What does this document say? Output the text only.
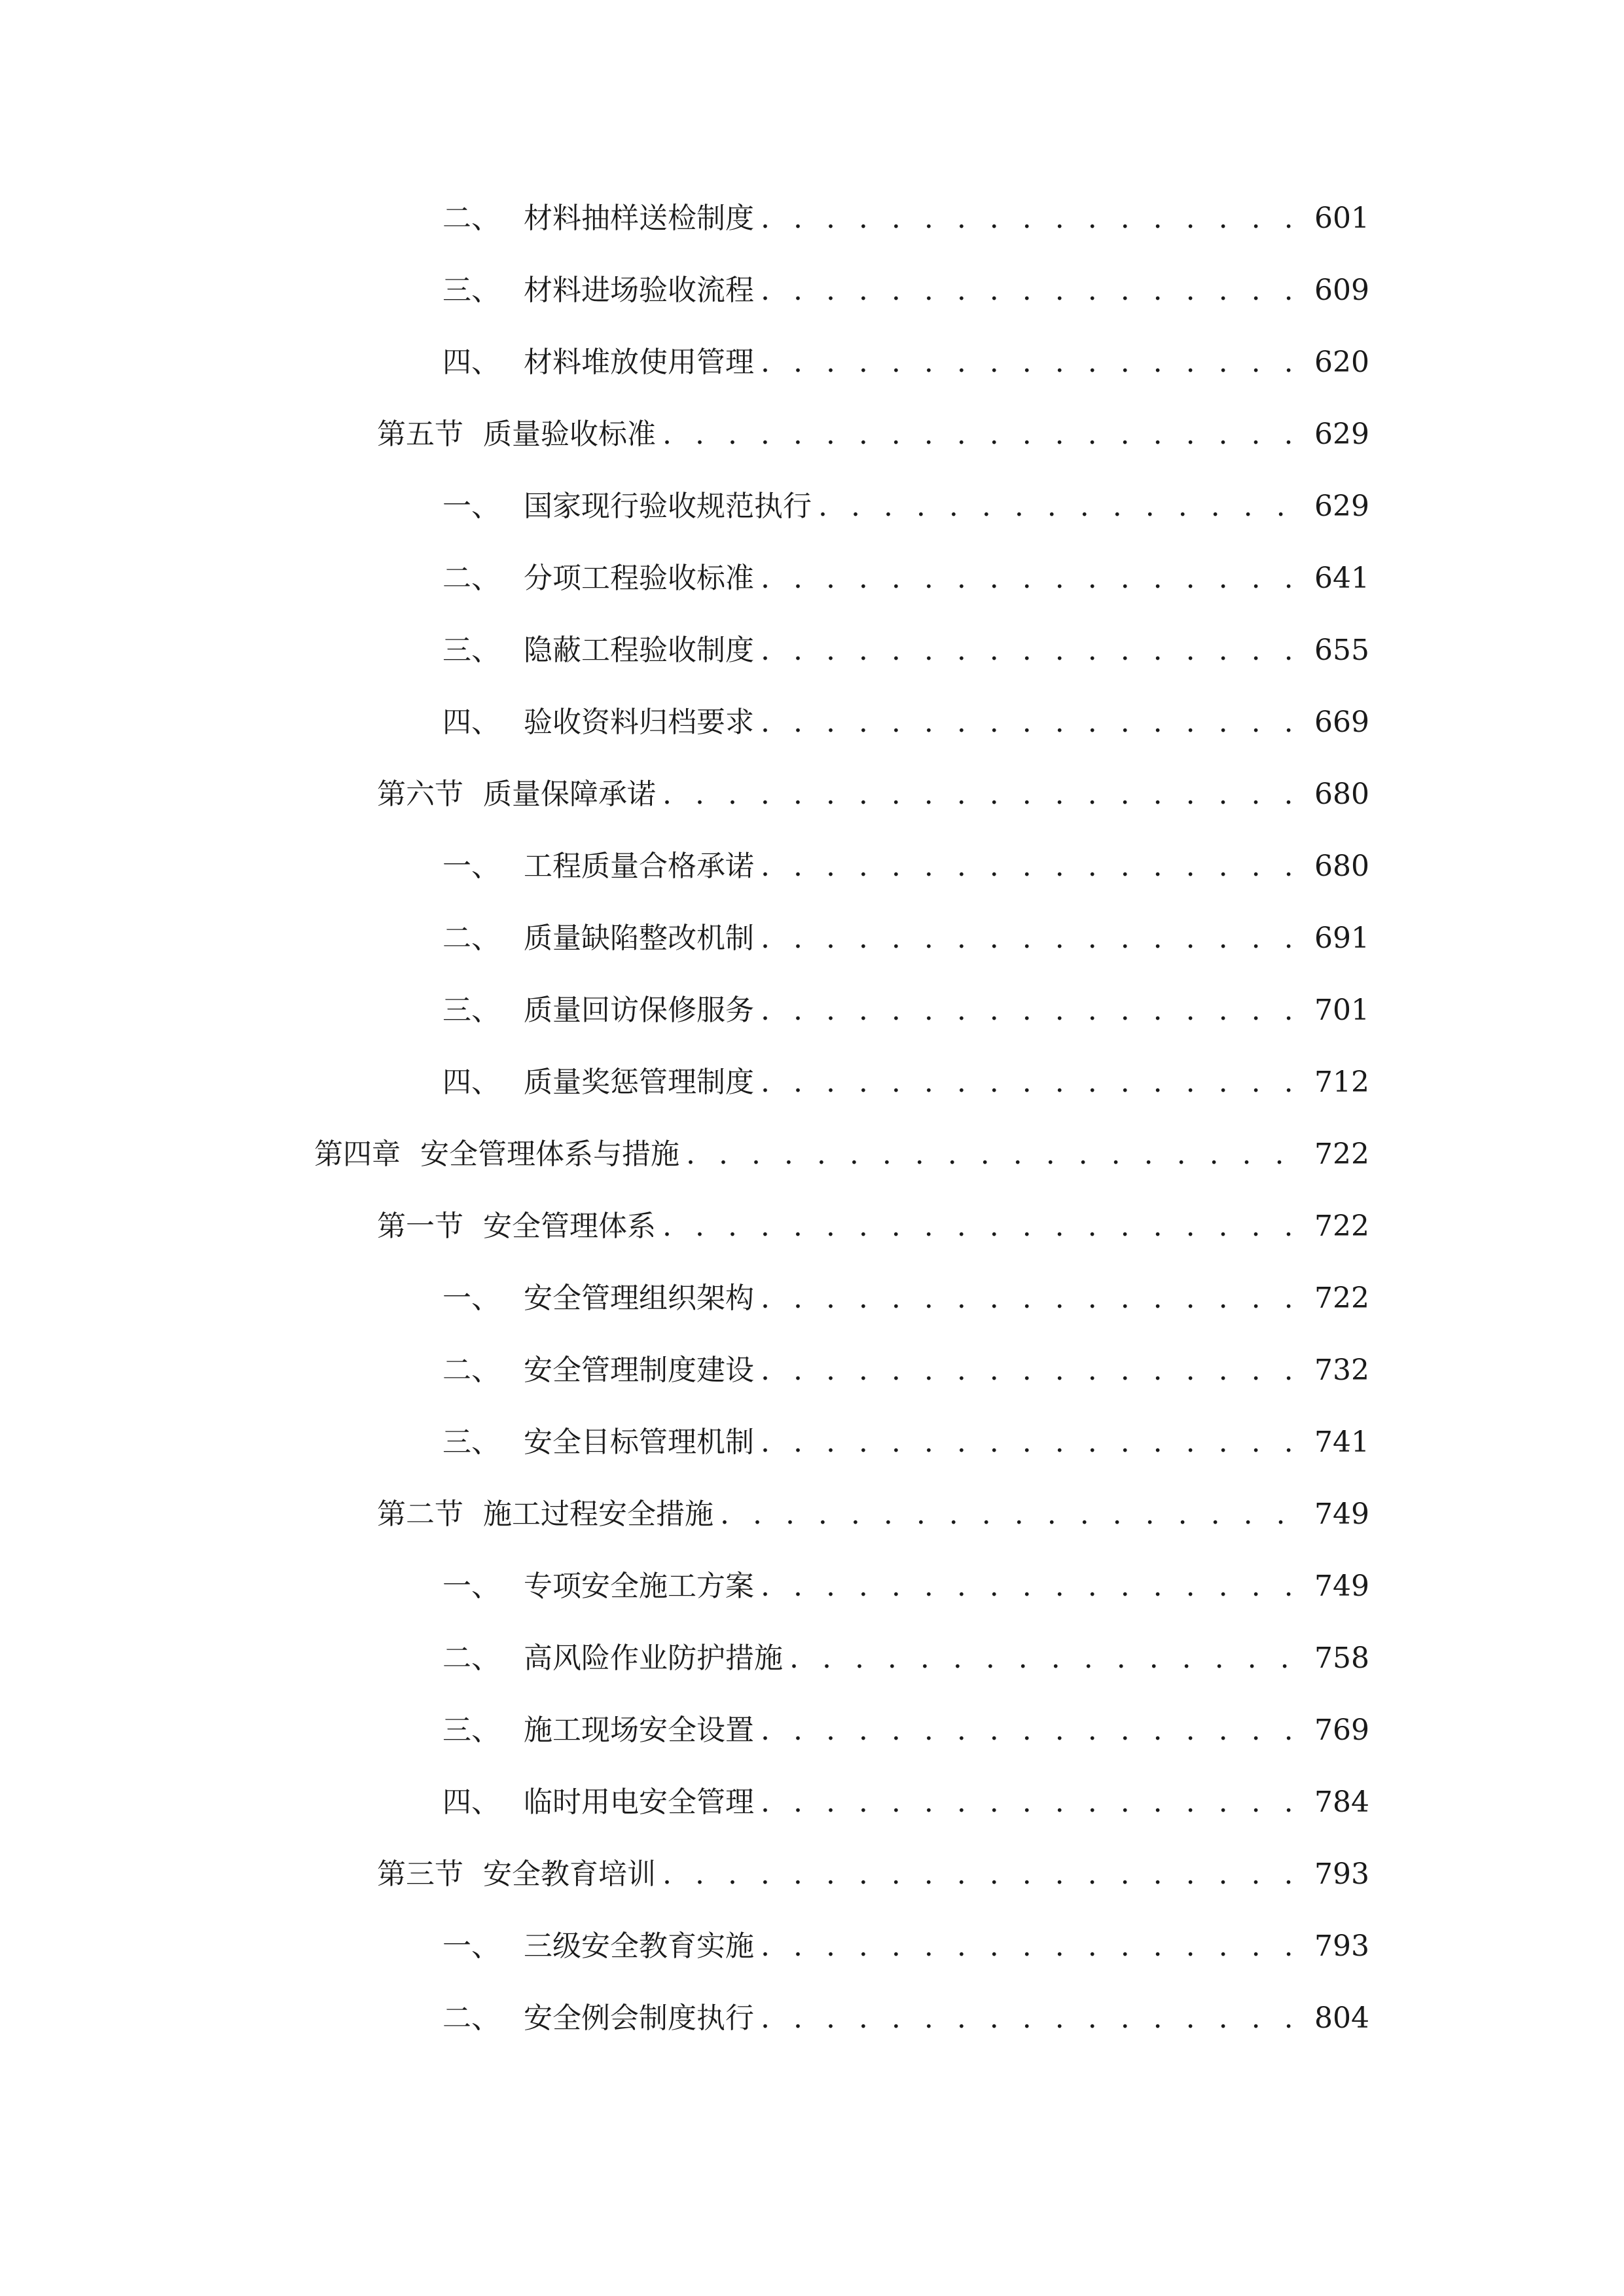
二、 材料抽样送检制度 . . .	601
三、 材料进场验收流程 . . .	609
四、 材料堆放使用管理 . . .	620
第五节 质量验收标准 . . .	629
一、 国家现行验收规范执行 . . .	629
二、 分项工程验收标准 . . .	641
三、 隐蔽工程验收制度 . . .	655
四、 验收资料归档要求 . . .	669
第六节 质量保障承诺 . . .	680
一、 工程质量合格承诺 . . .	680
二、 质量缺陷整改机制 . . .	691
三、 质量回访保修服务 . . .	701
四、 质量奖惩管理制度 . . .	712
第四章 安全管理体系与措施 . . .	722
第一节 安全管理体系 . . .	722
一、 安全管理组织架构 . . .	722
二、 安全管理制度建设 . . .	732
三、 安全目标管理机制 . . .	741
第二节 施工过程安全措施 . . .	749
一、 专项安全施工方案 . . .	749
二、 高风险作业防护措施 . . .	758
三、 施工现场安全设置 . . .	769
四、 临时用电安全管理 . . .	784
第三节 安全教育培训 . . .	793
一、 三级安全教育实施 . . .	793
二、 安全例会制度执行 . . .	804
